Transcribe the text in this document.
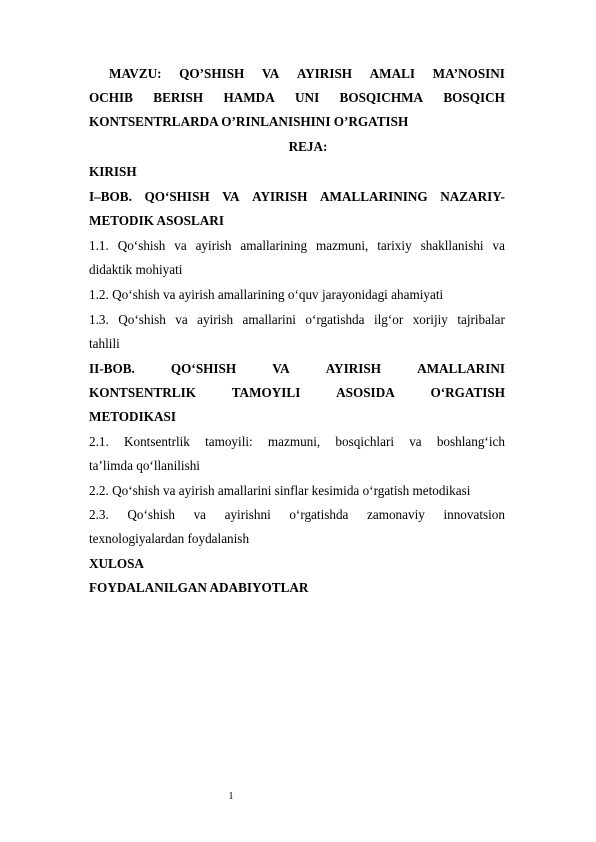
MAVZU: QO’SHISH VA AYIRISH AMALI MA’NOSINI
OCHIB BERISH HAMDA UNI BOSQICHMA BOSQICH
KONTSENTRLARDA O’RINLANISHINI O’RGATISH
REJA:
KIRISH
I–BOB. QO‘SHISH VA AYIRISH AMALLARINING NAZARIY-
METODIK ASOSLARI
1.1. Qo‘shish va ayirish amallarining mazmuni, tarixiy shakllanishi va
didaktik mohiyati
1.2. Qo‘shish va ayirish amallarining o‘quv jarayonidagi ahamiyati
1.3. Qo‘shish va ayirish amallarini o‘rgatishda ilg‘or xorijiy tajribalar
tahlili
II-BOB.	QO‘SHISH	VA	AYIRISH	AMALLARINI
KONTSENTRLIK	TAMOYILI	ASOSIDA	O‘RGATISH
METODIKASI
2.1. Kontsentrlik tamoyili: mazmuni, bosqichlari va boshlang‘ich
ta’limda qo‘llanilishi
2.2. Qo‘shish va ayirish amallarini sinflar kesimida o‘rgatish metodikasi
2.3. Qo‘shish va ayirishni o‘rgatishda zamonaviy innovatsion
texnologiyalardan foydalanish
XULOSA
FOYDALANILGAN ADABIYOTLAR
1
